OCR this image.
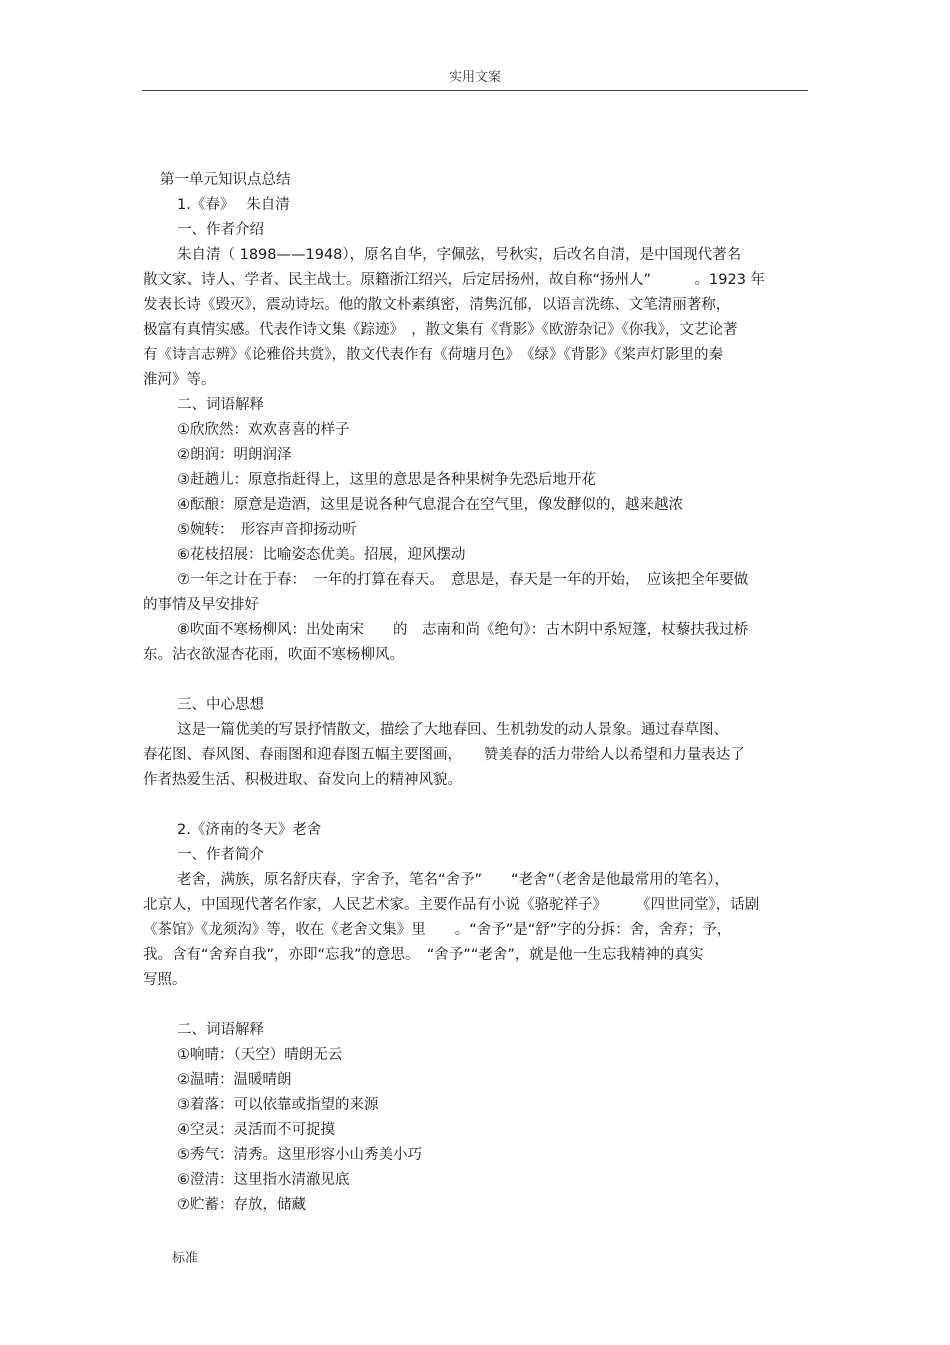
实用文案
第一单元知识点总结
1.《春》　 朱自清
一、作者介绍
朱自清（ 1898——1948），原名自华，字佩弦，号秋实，后改名自清，是中国现代著名
散文家、诗人、学者、民主战士。原籍浙江绍兴，后定居扬州，故自称“扬州人”　　　。1923 年
发表长诗《毁灭》，震动诗坛。他的散文朴素缜密，清隽沉郁，以语言洗练、文笔清丽著称，
极富有真情实感。代表作诗文集《踪迹》　，散文集有《背影》《欧游杂记》《你我》，文艺论著
有《诗言志辨》《论雅俗共赏》，散文代表作有《荷塘月色》　《绿》《背影》《桨声灯影里的秦
淮河》等。
二、词语解释
①欣欣然：欢欢喜喜的样子
②朗润：明朗润泽
③赶趟儿：原意指赶得上，这里的意思是各种果树争先恐后地开花
④酝酿：原意是造酒，这里是说各种气息混合在空气里，像发酵似的，越来越浓
⑤婉转：　形容声音抑扬动听
⑥花枝招展：比喻姿态优美。招展，迎风摆动
⑦一年之计在于春：　一年的打算在春天。　意思是，春天是一年的开始，　应该把全年要做
的事情及早安排好
⑧吹面不寒杨柳风：出处南宋　　的　志南和尚《绝句》：古木阴中系短篷，杖藜扶我过桥
东。沾衣欲湿杏花雨，吹面不寒杨柳风。
三、中心思想
这是一篇优美的写景抒情散文，描绘了大地春回、生机勃发的动人景象。通过春草图、
春花图、春风图、春雨图和迎春图五幅主要图画，　　赞美春的活力带给人以希望和力量表达了
作者热爱生活、积极进取、奋发向上的精神风貌。
2.《济南的冬天》老舍
一、作者简介
老舍，满族，原名舒庆春，字舍予，笔名“舍予”　　“老舍”（老舍是他最常用的笔名），
北京人，中国现代著名作家，人民艺术家。主要作品有小说《骆驼祥子》　　　《四世同堂》，话剧
《茶馆》《龙须沟》等，收在《老舍文集》里　　。“舍予”是“舒”字的分拆：舍，舍弃；予，
我。含有“舍弃自我”，亦即“忘我”的意思。　“舍予”“老舍”，就是他一生忘我精神的真实
写照。
二、词语解释
①响晴：（天空）晴朗无云
②温晴：温暖晴朗
③着落：可以依靠或指望的来源
④空灵：灵活而不可捉摸
⑤秀气：清秀。这里形容小山秀美小巧
⑥澄清：这里指水清澈见底
⑦贮蓄：存放，储藏
标准
